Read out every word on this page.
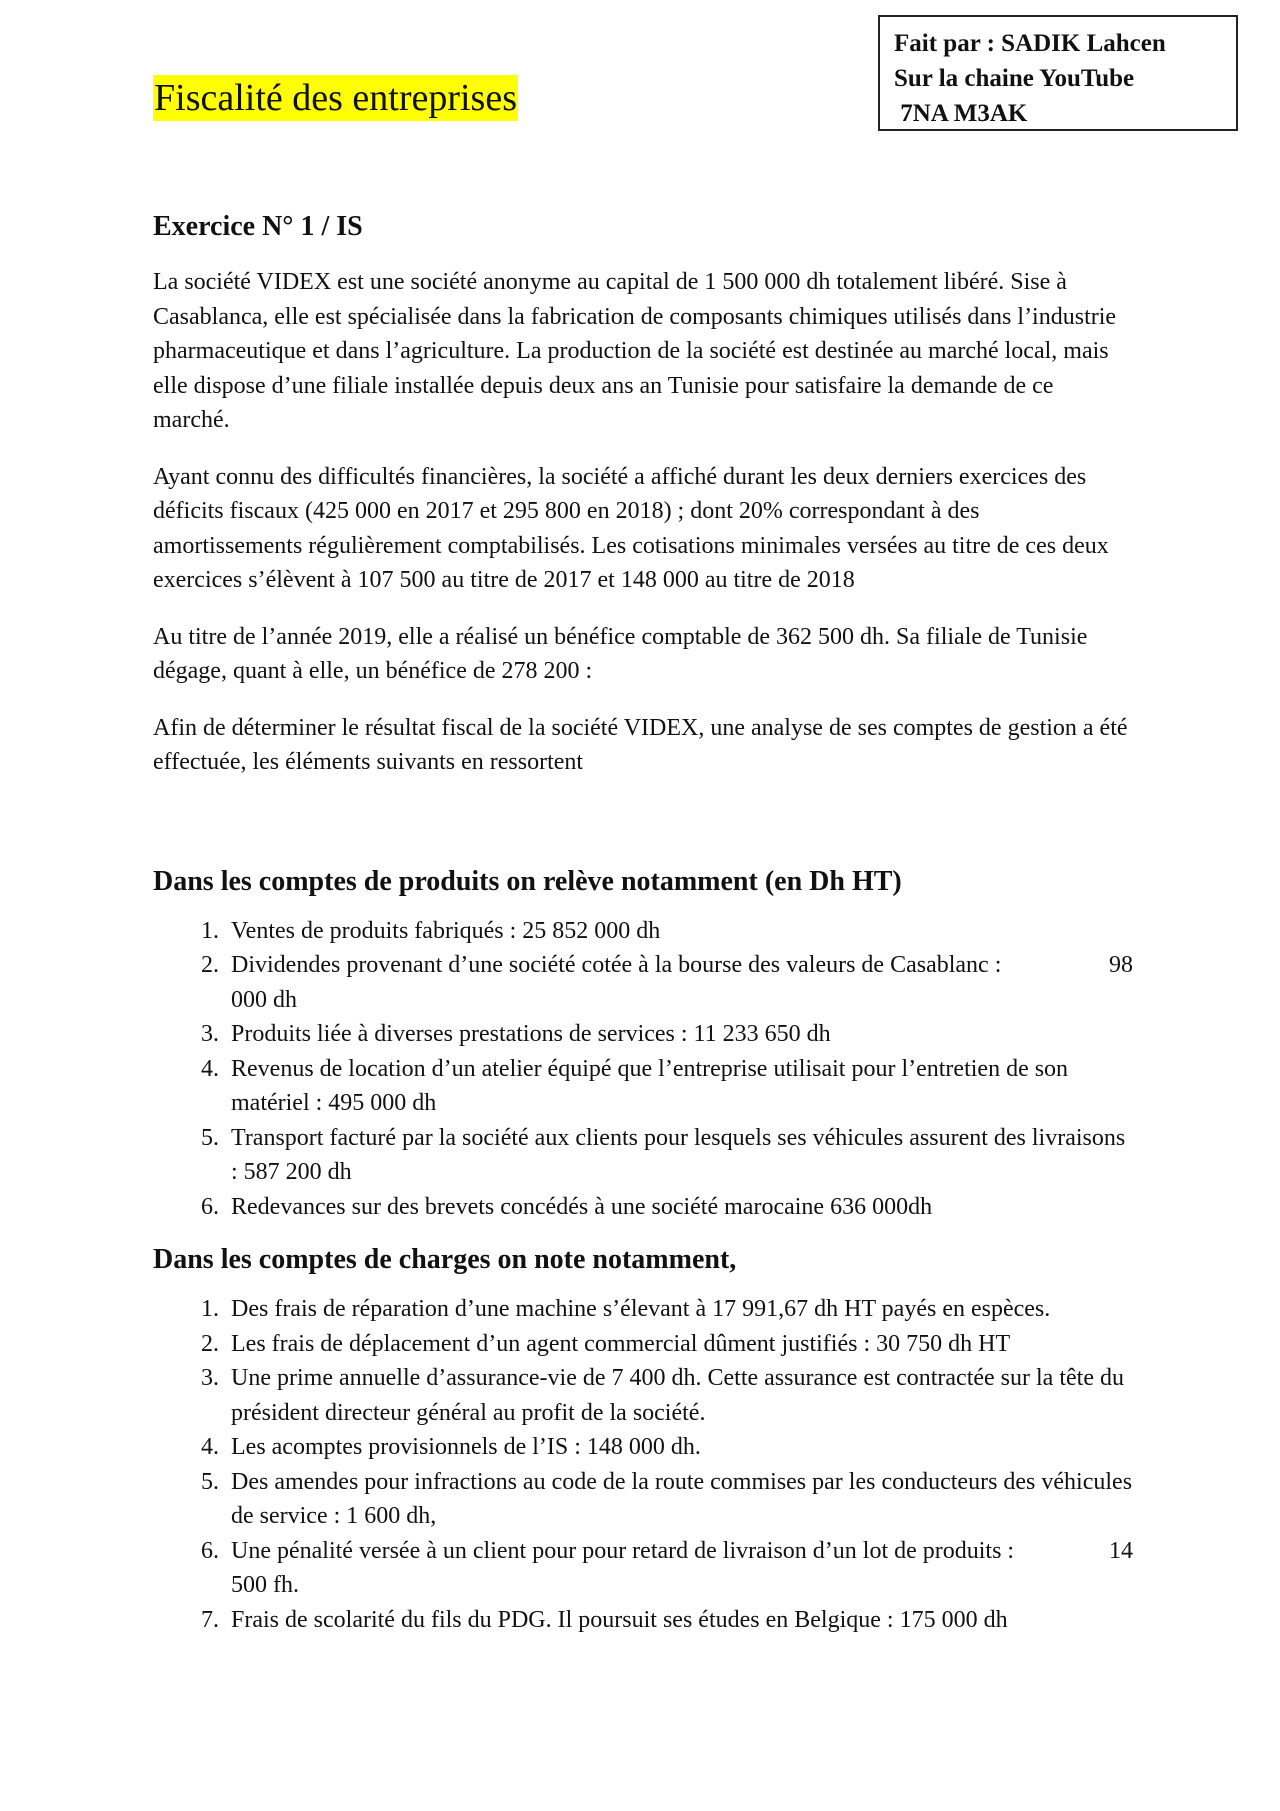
Fait par : SADIK Lahcen
Sur la chaine YouTube
7NA M3AK
Fiscalité des entreprises
Exercice N° 1 / IS

La société VIDEX est une société anonyme au capital de 1 500 000 dh totalement libéré. Sise à Casablanca, elle est spécialisée dans la fabrication de composants chimiques utilisés dans l’industrie pharmaceutique et dans l’agriculture. La production de la société est destinée au marché local, mais elle dispose d’une filiale installée depuis deux ans an Tunisie pour satisfaire la demande de ce marché.

Ayant connu des difficultés financières, la société a affiché durant les deux derniers exercices des déficits fiscaux (425 000 en 2017 et 295 800 en 2018) ; dont 20% correspondant à des amortissements régulièrement comptabilisés. Les cotisations minimales versées au titre de ces deux exercices s’élèvent à 107 500 au titre de 2017 et 148 000 au titre de 2018

Au titre de l’année 2019, elle a réalisé un bénéfice comptable de 362 500 dh. Sa filiale de Tunisie dégage, quant à elle, un bénéfice de 278 200 :

Afin de déterminer le résultat fiscal de la société VIDEX, une analyse de ses comptes de gestion a été effectuée, les éléments suivants en ressortent

Dans les comptes de produits on relève notamment (en Dh HT)
1. Ventes de produits fabriqués : 25 852 000 dh
2.	98
Dividendes provenant d’une société cotée à la bourse des valeurs de Casablanc :
000 dh
3. Produits liée à diverses prestations de services : 11 233 650 dh
4. Revenus de location d’un atelier équipé que l’entreprise utilisait pour l’entretien de son matériel : 495 000 dh
5. Transport facturé par la société aux clients pour lesquels ses véhicules assurent des livraisons : 587 200 dh
6. Redevances sur des brevets concédés à une société marocaine 636 000dh
Dans les comptes de charges on note notamment,
1. Des frais de réparation d’une machine s’élevant à 17 991,67 dh HT payés en espèces.
2. Les frais de déplacement d’un agent commercial dûment justifiés : 30 750 dh HT
3. Une prime annuelle d’assurance-vie de 7 400 dh. Cette assurance est contractée sur la tête du président directeur général au profit de la société.
4. Les acomptes provisionnels de l’IS : 148 000 dh.
5. Des amendes pour infractions au code de la route commises par les conducteurs des véhicules de service : 1 600 dh,
6.	14
Une pénalité versée à un client pour pour retard de livraison d’un lot de produits :
500 fh.
7. Frais de scolarité du fils du PDG. Il poursuit ses études en Belgique : 175 000 dh
